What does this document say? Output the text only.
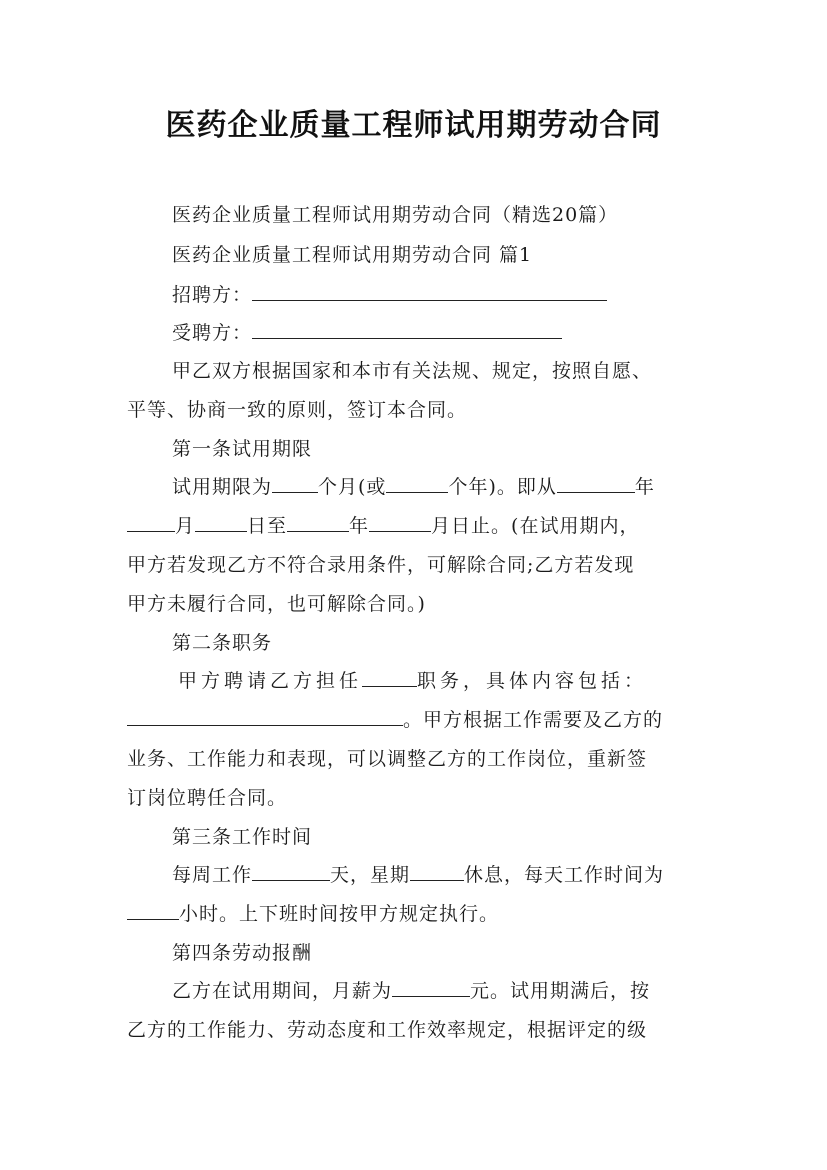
医药企业质量工程师试用期劳动合同
医药企业质量工程师试用期劳动合同（精选20篇）
医药企业质量工程师试用期劳动合同 篇1
招聘方：
受聘方：
甲乙双方根据国家和本市有关法规、规定，按照自愿、
平等、协商一致的原则，签订本合同。
第一条试用期限
试用期限为 个月(或	个年)。即从	年
月	日至	年	月日止。(在试用期内，
甲方若发现乙方不符合录用条件，可解除合同;乙方若发现
甲方未履行合同，也可解除合同。)
第二条职务
甲方聘请乙方担任	职务，具体内容包括：
。甲方根据工作需要及乙方的
业务、工作能力和表现，可以调整乙方的工作岗位，重新签
订岗位聘任合同。
第三条工作时间
每周工作	天，星期	休息，每天工作时间为
小时。上下班时间按甲方规定执行。
第四条劳动报酬
乙方在试用期间，月薪为	元。试用期满后，按
乙方的工作能力、劳动态度和工作效率规定，根据评定的级
